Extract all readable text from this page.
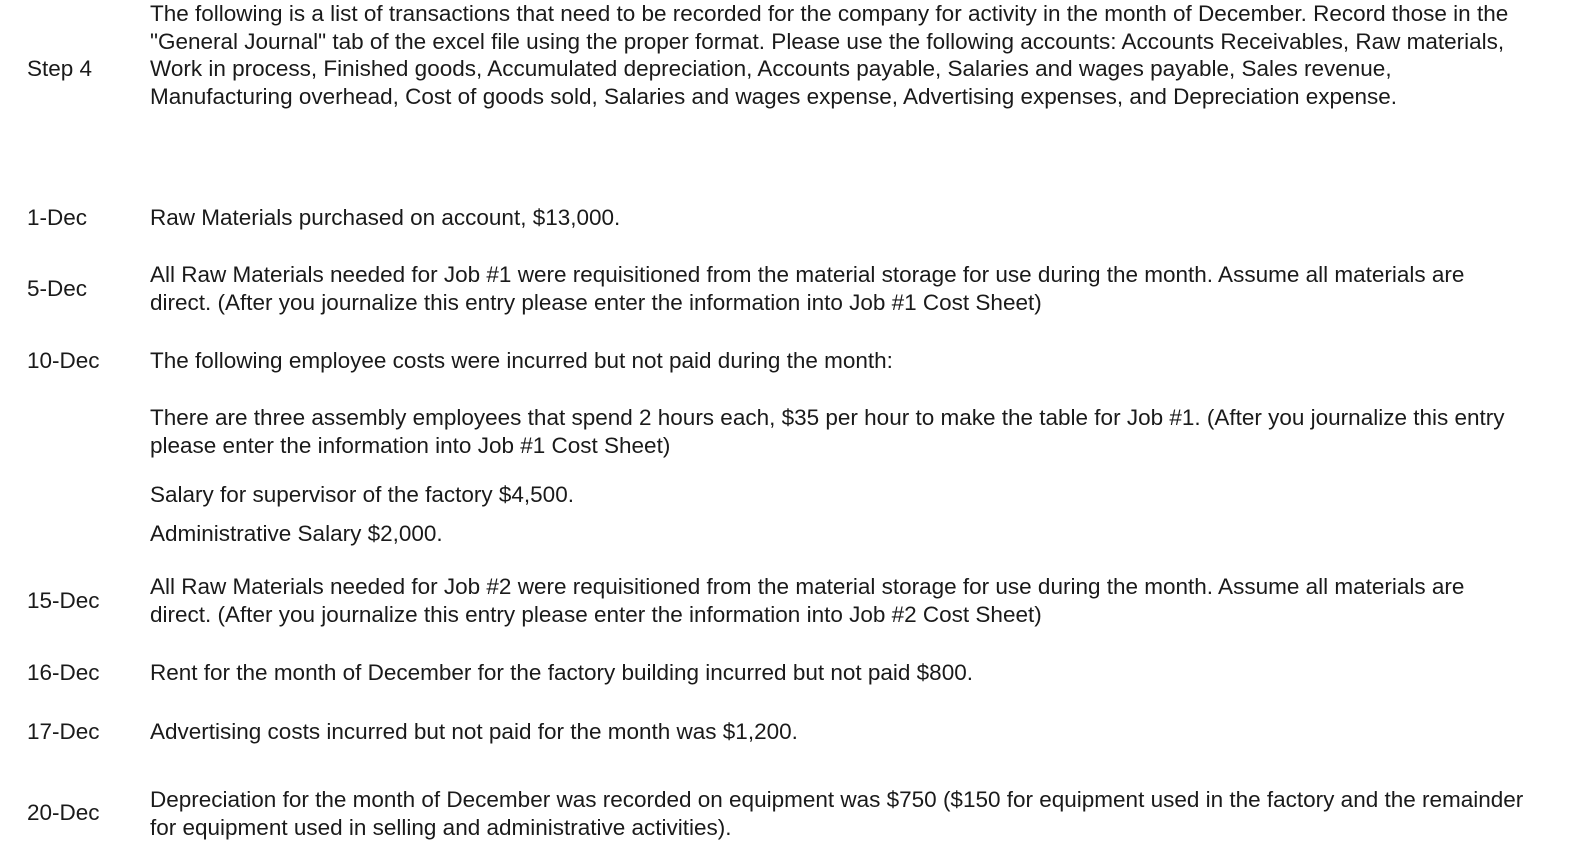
Step 4
The following is a list of transactions that need to be recorded for the company for activity in the month of December. Record those in the "General Journal" tab of the excel file using the proper format. Please use the following accounts: Accounts Receivables, Raw materials, Work in process, Finished goods, Accumulated depreciation, Accounts payable, Salaries and wages payable, Sales revenue, Manufacturing overhead, Cost of goods sold, Salaries and wages expense, Advertising expenses, and Depreciation expense.
1-Dec	Raw Materials purchased on account, $13,000.
5-Dec
All Raw Materials needed for Job #1 were requisitioned from the material storage for use during the month. Assume all materials are direct. (After you journalize this entry please enter the information into Job #1 Cost Sheet)
10-Dec The following employee costs were incurred but not paid during the month:
There are three assembly employees that spend 2 hours each, $35 per hour to make the table for Job #1. (After you journalize this entry please enter the information into Job #1 Cost Sheet)
Salary for supervisor of the factory $4,500.
Administrative Salary $2,000.
15-Dec
All Raw Materials needed for Job #2 were requisitioned from the material storage for use during the month. Assume all materials are direct. (After you journalize this entry please enter the information into Job #2 Cost Sheet)
16-Dec Rent for the month of December for the factory building incurred but not paid $800.
17-Dec Advertising costs incurred but not paid for the month was $1,200.
20-Dec
Depreciation for the month of December was recorded on equipment was $750 ($150 for equipment used in the factory and the remainder for equipment used in selling and administrative activities).
